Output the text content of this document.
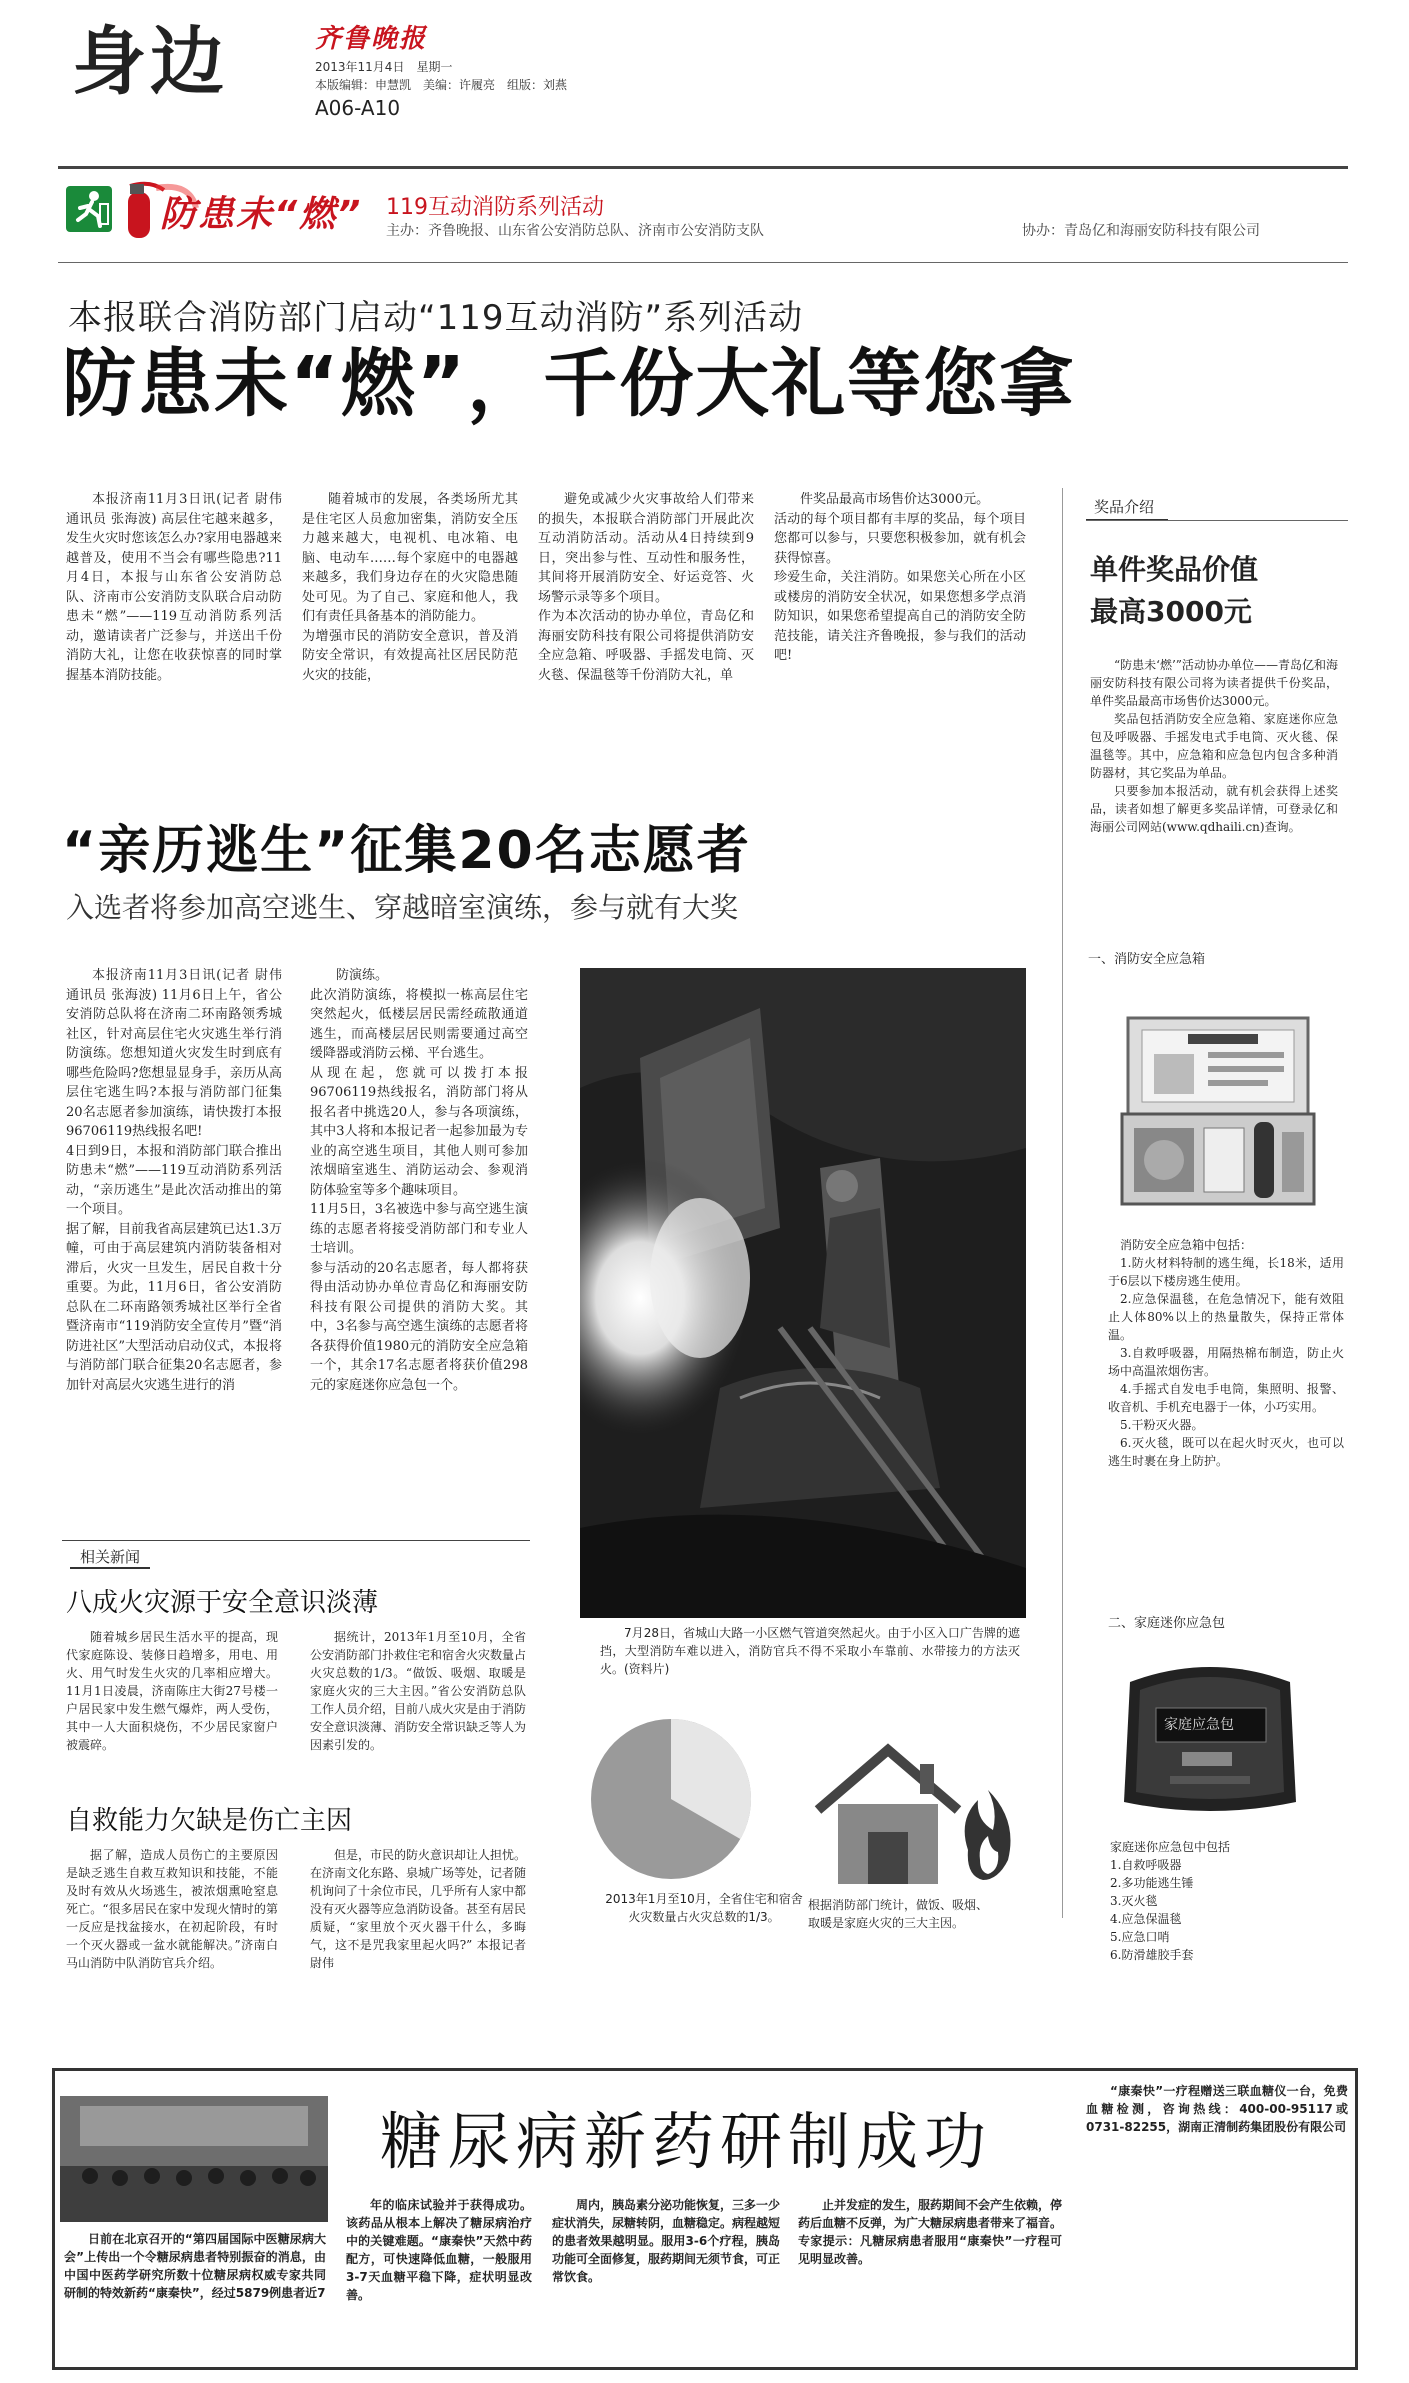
身边	齐鲁晚报
2013年11月4日　星期一
本版编辑：申慧凯　美编：许履亮　组版：刘燕
A06-A10
防患未“燃” 119互动消防系列活动
主办：齐鲁晚报、山东省公安消防总队、济南市公安消防支队	协办：青岛亿和海丽安防科技有限公司
本报联合消防部门启动“119互动消防”系列活动
防患未“燃”，千份大礼等您拿

本报济南11月3日讯(记者 尉伟 通讯员 张海波) 高层住宅越来越多，发生火灾时您该怎么办?家用电器越来越普及，使用不当会有哪些隐患?11月4日，本报与山东省公安消防总队、济南市公安消防支队联合启动防患未“燃”——119互动消防系列活动，邀请读者广泛参与，并送出千份消防大礼，让您在收获惊喜的同时掌握基本消防技能。

随着城市的发展，各类场所尤其是住宅区人员愈加密集，消防安全压力越来越大，电视机、电冰箱、电脑、电动车……每个家庭中的电器越来越多，我们身边存在的火灾隐患随处可见。为了自己、家庭和他人，我们有责任具备基本的消防能力。
为增强市民的消防安全意识，普及消防安全常识，有效提高社区居民防范火灾的技能，

避免或减少火灾事故给人们带来的损失，本报联合消防部门开展此次互动消防活动。活动从4日持续到9日，突出参与性、互动性和服务性，其间将开展消防安全、好运竞答、火场警示录等多个项目。
作为本次活动的协办单位，青岛亿和海丽安防科技有限公司将提供消防安全应急箱、呼吸器、手摇发电筒、灭火毯、保温毯等千份消防大礼，单

件奖品最高市场售价达3000元。
活动的每个项目都有丰厚的奖品，每个项目您都可以参与，只要您积极参加，就有机会获得惊喜。
珍爱生命，关注消防。如果您关心所在小区或楼房的消防安全状况，如果您想多学点消防知识，如果您希望提高自己的消防安全防范技能，请关注齐鲁晚报，参与我们的活动吧!

奖品介绍
单件奖品价值
最高3000元

“防患未‘燃’”活动协办单位——青岛亿和海丽安防科技有限公司将为读者提供千份奖品，单件奖品最高市场售价达3000元。

奖品包括消防安全应急箱、家庭迷你应急包及呼吸器、手摇发电式手电筒、灭火毯、保温毯等。其中，应急箱和应急包内包含多种消防器材，其它奖品为单品。

只要参加本报活动，就有机会获得上述奖品，读者如想了解更多奖品详情，可登录亿和海丽公司网站(www.qdhaili.cn)查询。

一、消防安全应急箱

消防安全应急箱中包括：

1.防火材料特制的逃生绳，长18米，适用于6层以下楼房逃生使用。

2.应急保温毯，在危急情况下，能有效阻止人体80%以上的热量散失，保持正常体温。

3.自救呼吸器，用隔热棉布制造，防止火场中高温浓烟伤害。

4.手摇式自发电手电筒，集照明、报警、收音机、手机充电器于一体，小巧实用。

5.干粉灭火器。

6.灭火毯，既可以在起火时灭火，也可以逃生时裹在身上防护。

二、家庭迷你应急包
家庭应急包

家庭迷你应急包中包括

1.自救呼吸器

2.多功能逃生锤

3.灭火毯

4.应急保温毯

5.应急口哨

6.防滑雄胶手套

“亲历逃生”征集20名志愿者
入选者将参加高空逃生、穿越暗室演练，参与就有大奖

本报济南11月3日讯(记者 尉伟 通讯员 张海波) 11月6日上午，省公安消防总队将在济南二环南路领秀城社区，针对高层住宅火灾逃生举行消防演练。您想知道火灾发生时到底有哪些危险吗?您想显显身手，亲历从高层住宅逃生吗?本报与消防部门征集20名志愿者参加演练，请快拨打本报96706119热线报名吧!
4日到9日，本报和消防部门联合推出防患未“燃”——119互动消防系列活动，“亲历逃生”是此次活动推出的第一个项目。
据了解，目前我省高层建筑已达1.3万幢，可由于高层建筑内消防装备相对滞后，火灾一旦发生，居民自救十分重要。为此，11月6日，省公安消防总队在二环南路领秀城社区举行全省暨济南市“119消防安全宣传月”暨“消防进社区”大型活动启动仪式，本报将与消防部门联合征集20名志愿者，参加针对高层火灾逃生进行的消

防演练。
此次消防演练，将模拟一栋高层住宅突然起火，低楼层居民需经疏散通道逃生，而高楼层居民则需要通过高空缓降器或消防云梯、平台逃生。
从现在起，您就可以拨打本报96706119热线报名，消防部门将从报名者中挑选20人，参与各项演练，其中3人将和本报记者一起参加最为专业的高空逃生项目，其他人则可参加浓烟暗室逃生、消防运动会、参观消防体验室等多个趣味项目。
11月5日，3名被选中参与高空逃生演练的志愿者将接受消防部门和专业人士培训。
参与活动的20名志愿者，每人都将获得由活动协办单位青岛亿和海丽安防科技有限公司提供的消防大奖。其中，3名参与高空逃生演练的志愿者将各获得价值1980元的消防安全应急箱一个，其余17名志愿者将获价值298元的家庭迷你应急包一个。

7月28日，省城山大路一小区燃气管道突然起火。由于小区入口广告牌的遮挡，大型消防车难以进入，消防官兵不得不采取小车靠前、水带接力的方法灭火。(资料片)

相关新闻
八成火灾源于安全意识淡薄

随着城乡居民生活水平的提高，现代家庭陈设、装修日趋增多，用电、用火、用气时发生火灾的几率相应增大。11月1日凌晨，济南陈庄大街27号楼一户居民家中发生燃气爆炸，两人受伤，其中一人大面积烧伤，不少居民家窗户被震碎。

据统计，2013年1月至10月，全省公安消防部门扑救住宅和宿舍火灾数量占火灾总数的1/3。“做饭、吸烟、取暖是家庭火灾的三大主因。”省公安消防总队工作人员介绍，目前八成火灾是由于消防安全意识淡薄、消防安全常识缺乏等人为因素引发的。

自救能力欠缺是伤亡主因

据了解，造成人员伤亡的主要原因是缺乏逃生自救互救知识和技能，不能及时有效从火场逃生，被浓烟熏呛窒息死亡。“很多居民在家中发现火情时的第一反应是找盆接水，在初起阶段，有时一个灭火器或一盆水就能解决。”济南白马山消防中队消防官兵介绍。

但是，市民的防火意识却让人担忧。在济南文化东路、泉城广场等处，记者随机询问了十余位市民，几乎所有人家中都没有灭火器等应急消防设备。甚至有居民质疑，“家里放个灭火器干什么，多晦气，这不是咒我家里起火吗?” 本报记者 尉伟

2013年1月至10月，全省住宅和宿舍火灾数量占火灾总数的1/3。

根据消防部门统计，做饭、吸烟、取暖是家庭火灾的三大主因。

糖尿病新药研制成功

日前在北京召开的“第四届国际中医糖尿病大会”上传出一个令糖尿病患者特别振奋的消息，由中国中医药学研究所数十位糖尿病权威专家共同研制的特效新药“康秦快”，经过5879例患者近7

年的临床试验并于获得成功。该药品从根本上解决了糖尿病治疗中的关键难题。“康秦快”天然中药配方，可快速降低血糖，一般服用3-7天血糖平稳下降，症状明显改善。

周内，胰岛素分泌功能恢复，三多一少症状消失，尿糖转阴，血糖稳定。病程越短的患者效果越明显。服用3-6个疗程，胰岛功能可全面修复，服药期间无须节食，可正常饮食。

止并发症的发生，服药期间不会产生依赖，停药后血糖不反弹，为广大糖尿病患者带来了福音。专家提示：凡糖尿病患者服用“康秦快”一疗程可见明显改善。

“康秦快”一疗程赠送三联血糖仪一台，免费血糖检测，咨询热线：400-00-95117或0731-82255，湖南正清制药集团股份有限公司
